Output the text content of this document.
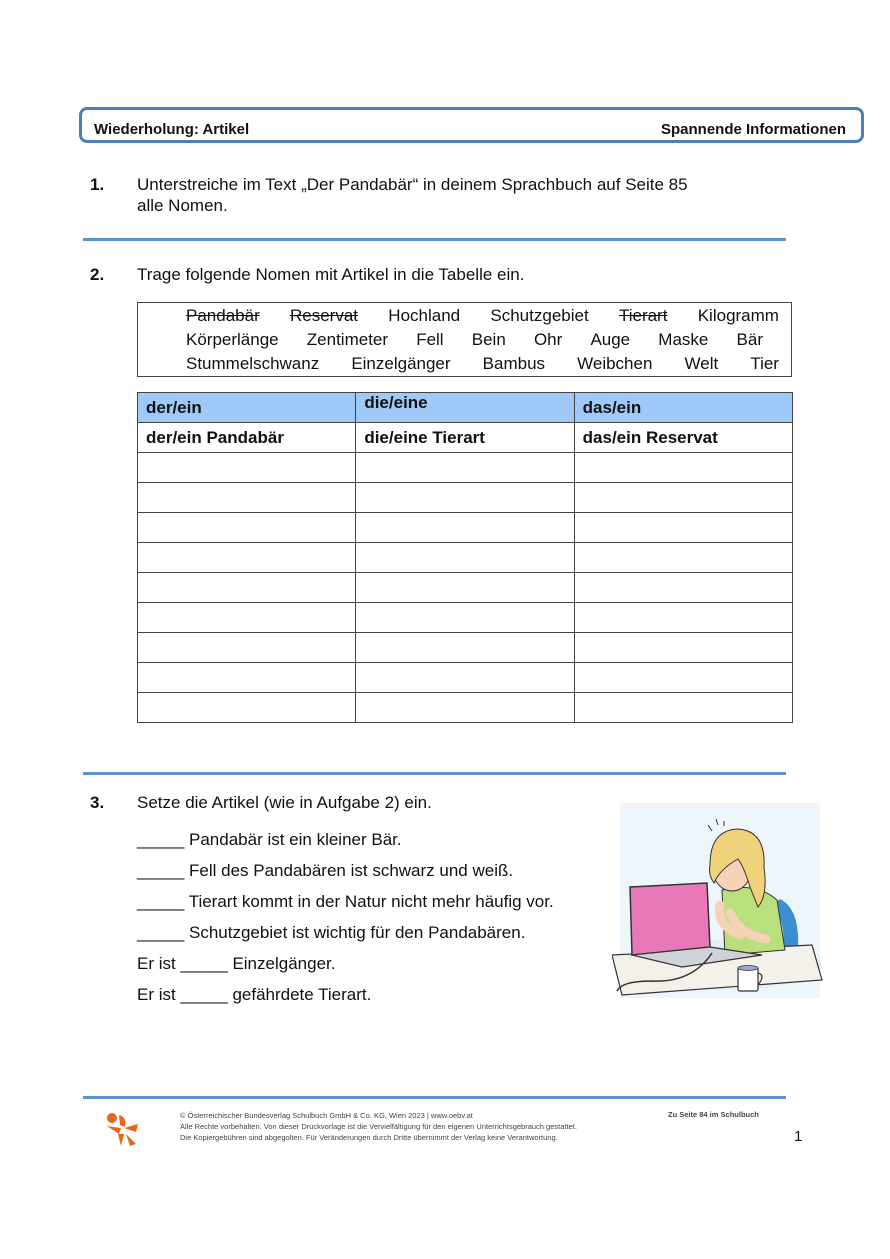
Wiederholung: Artikel	Spannende Informationen
1. Unterstreiche im Text „Der Pandabär“ in deinem Sprachbuch auf Seite 85
alle Nomen.
2. Trage folgende Nomen mit Artikel in die Tabelle ein.
Pandabär Reservat Hochland Schutzgebiet Tierart Kilogramm
Körperlänge Zentimeter Fell Bein Ohr Auge Maske Bär
Stummelschwanz Einzelgänger Bambus Weibchen Welt Tier
der/ein	die/eine	das/ein
der/ein Pandabär	die/eine Tierart	das/ein Reservat

3. Setze die Artikel (wie in Aufgabe 2) ein.
_____ Pandabär ist ein kleiner Bär.
_____ Fell des Pandabären ist schwarz und weiß.
_____ Tierart kommt in der Natur nicht mehr häufig vor.
_____ Schutzgebiet ist wichtig für den Pandabären.
Er ist _____ Einzelgänger.
Er ist _____ gefährdete Tierart.
© Österreichischer Bundesverlag Schulbuch GmbH & Co. KG, Wien 2023 | www.oebv.at
Alle Rechte vorbehalten. Von dieser Druckvorlage ist die Vervielfältigung für den eigenen Unterrichtsgebrauch gestattet.
Die Kopiergebühren sind abgegolten. Für Veränderungen durch Dritte übernimmt der Verlag keine Verantwortung.
Zu Seite 84 im Schulbuch
1
